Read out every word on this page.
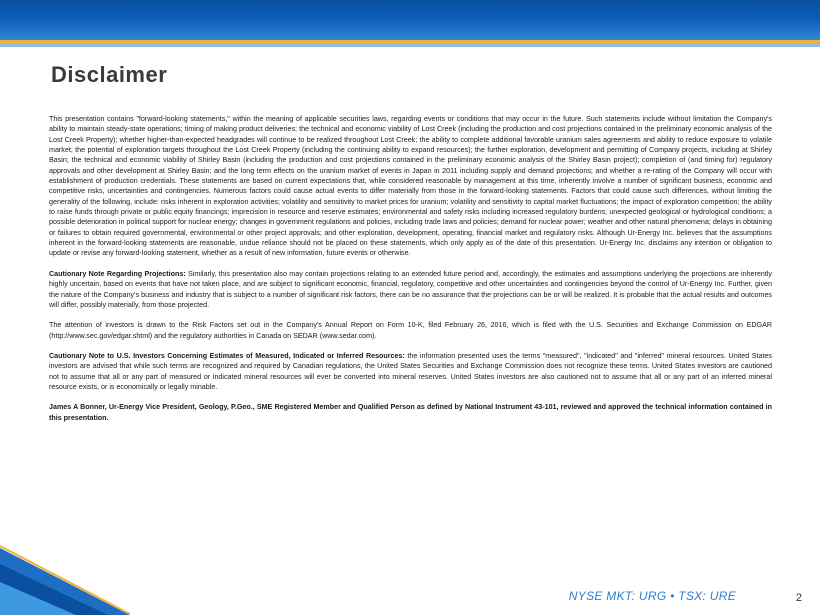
Disclaimer

This presentation contains "forward-looking statements," within the meaning of applicable securities laws, regarding events or conditions that may occur in the future. Such statements include without limitation the Company's ability to maintain steady-state operations; timing of making product deliveries; the technical and economic viability of Lost Creek (including the production and cost projections contained in the preliminary economic analysis of the Lost Creek Property); whether higher-than-expected headgrades will continue to be realized throughout Lost Creek; the ability to complete additional favorable uranium sales agreements and ability to reduce exposure to volatile market; the potential of exploration targets throughout the Lost Creek Property (including the continuing ability to expand resources); the further exploration, development and permitting of Company projects, including at Shirley Basin; the technical and economic viability of Shirley Basin (including the production and cost projections contained in the preliminary economic analysis of the Shirley Basin project); completion of (and timing for) regulatory approvals and other development at Shirley Basin; and the long term effects on the uranium market of events in Japan in 2011 including supply and demand projections; and whether a re-rating of the Company will occur with establishment of production credentials. These statements are based on current expectations that, while considered reasonable by management at this time, inherently involve a number of significant business, economic and competitive risks, uncertainties and contingencies. Numerous factors could cause actual events to differ materially from those in the forward-looking statements. Factors that could cause such differences, without limiting the generality of the following, include: risks inherent in exploration activities; volatility and sensitivity to market prices for uranium; volatility and sensitivity to capital market fluctuations; the impact of exploration competition; the ability to raise funds through private or public equity financings; imprecision in resource and reserve estimates; environmental and safety risks including increased regulatory burdens; unexpected geological or hydrological conditions; a possible deterioration in political support for nuclear energy; changes in government regulations and policies, including trade laws and policies; demand for nuclear power; weather and other natural phenomena; delays in obtaining or failures to obtain required governmental, environmental or other project approvals; and other exploration, development, operating, financial market and regulatory risks. Although Ur-Energy Inc. believes that the assumptions inherent in the forward-looking statements are reasonable, undue reliance should not be placed on these statements, which only apply as of the date of this presentation. Ur-Energy Inc. disclaims any intention or obligation to update or revise any forward-looking statement, whether as a result of new information, future events or otherwise.

Cautionary Note Regarding Projections: Similarly, this presentation also may contain projections relating to an extended future period and, accordingly, the estimates and assumptions underlying the projections are inherently highly uncertain, based on events that have not taken place, and are subject to significant economic, financial, regulatory, competitive and other uncertainties and contingencies beyond the control of Ur-Energy Inc. Further, given the nature of the Company's business and industry that is subject to a number of significant risk factors, there can be no assurance that the projections can be or will be realized. It is probable that the actual results and outcomes will differ, possibly materially, from those projected.

The attention of investors is drawn to the Risk Factors set out in the Company's Annual Report on Form 10-K, filed February 26, 2016, which is filed with the U.S. Securities and Exchange Commission on EDGAR (http://www.sec.gov/edgar.shtml) and the regulatory authorities in Canada on SEDAR (www.sedar.com).

Cautionary Note to U.S. Investors Concerning Estimates of Measured, Indicated or Inferred Resources: the information presented uses the terms "measured", "indicated" and "inferred" mineral resources. United States investors are advised that while such terms are recognized and required by Canadian regulations, the United States Securities and Exchange Commission does not recognize these terms. United States investors are cautioned not to assume that all or any part of measured or indicated mineral resources will ever be converted into mineral reserves. United States investors are also cautioned not to assume that all or any part of an inferred mineral resource exists, or is economically or legally minable.

James A Bonner, Ur-Energy Vice President, Geology, P.Geo., SME Registered Member and Qualified Person as defined by National Instrument 43-101, reviewed and approved the technical information contained in this presentation.

NYSE MKT: URG • TSX: URE	2
